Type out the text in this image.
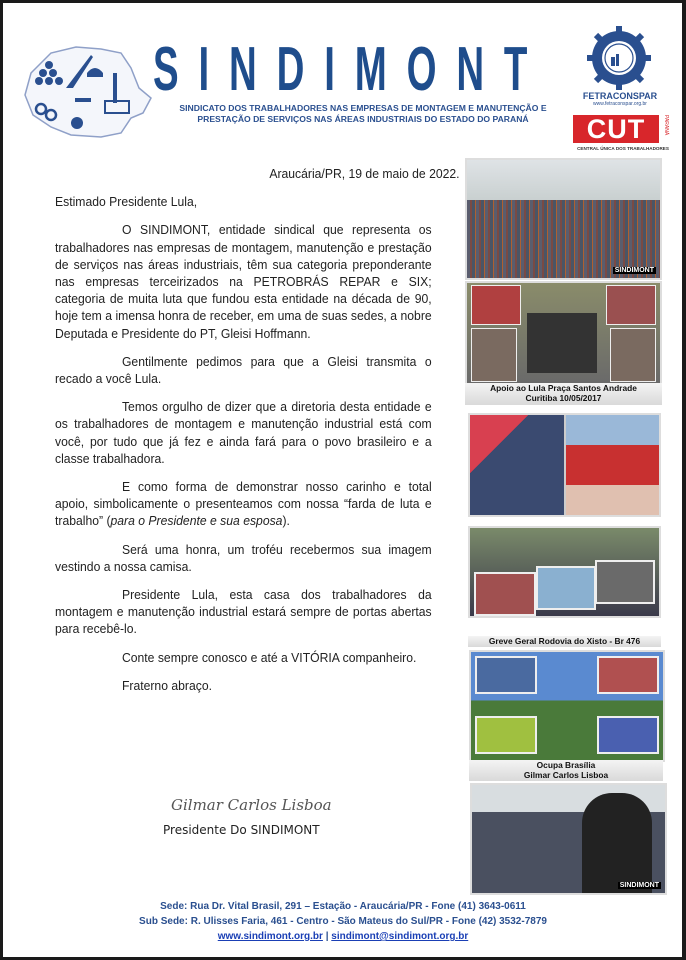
SINDIMONT
SINDICATO DOS TRABALHADORES NAS EMPRESAS DE MONTAGEM E MANUTENÇÃO E
PRESTAÇÃO DE SERVIÇOS NAS ÁREAS INDUSTRIAIS DO ESTADO DO PARANÁ
FETRACONSPAR
www.fetraconspar.org.br
CUT	PARANÁ
CENTRAL ÚNICA DOS TRABALHADORES

Araucária/PR, 19 de maio de 2022.

Estimado Presidente Lula,

O SINDIMONT, entidade sindical que representa os trabalhadores nas empresas de montagem, manutenção e prestação de serviços nas áreas industriais, têm sua categoria preponderante nas empresas terceirizados na PETROBRÁS REPAR e SIX; categoria de muita luta que fundou esta entidade na década de 90, hoje tem a imensa honra de receber, em uma de suas sedes, a nobre Deputada e Presidente do PT, Gleisi Hoffmann.

Gentilmente pedimos para que a Gleisi transmita o recado a você Lula.

Temos orgulho de dizer que a diretoria desta entidade e os trabalhadores de montagem e manutenção industrial está com você, por tudo que já fez e ainda fará para o povo brasileiro e a classe trabalhadora.

E como forma de demonstrar nosso carinho e total apoio, simbolicamente o presenteamos com nossa “farda de luta e trabalho” (para o Presidente e sua esposa).

Será uma honra, um troféu recebermos sua imagem vestindo a nossa camisa.

Presidente Lula, esta casa dos trabalhadores da montagem e manutenção industrial estará sempre de portas abertas para recebê-lo.

Conte sempre conosco e até a VITÓRIA companheiro.

Fraterno abraço.

Gilmar Carlos Lisboa
Presidente Do SINDIMONT
SINDIMONT
Apoio ao Lula Praça Santos Andrade
Curitiba 10/05/2017
Greve Geral Rodovia do Xisto - Br 476
Ocupa Brasília
Gilmar Carlos Lisboa
SINDIMONT
Sede: Rua Dr. Vital Brasil, 291 – Estação - Araucária/PR - Fone (41) 3643-0611
Sub Sede: R. Ulisses Faria, 461 - Centro - São Mateus do Sul/PR - Fone (42) 3532-7879
www.sindimont.org.br | sindimont@sindimont.org.br
